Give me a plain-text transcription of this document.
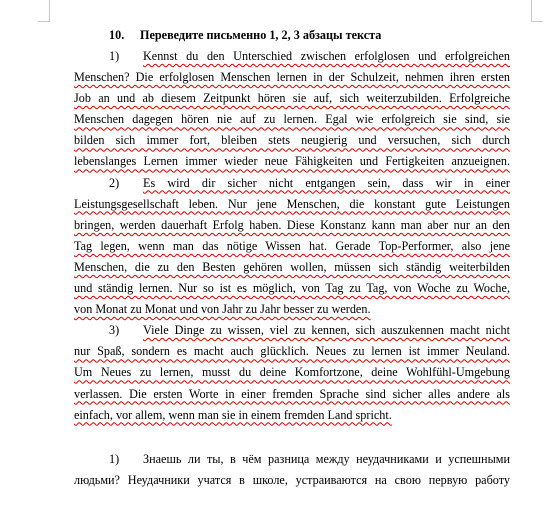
10. Переведите письменно 1, 2, 3 абзацы текста
1) Kennst du den Unterschied zwischen erfolglosen und erfolgreichen
Menschen? Die erfolglosen Menschen lernen in der Schulzeit, nehmen ihren ersten
Job an und ab diesem Zeitpunkt hören sie auf, sich weiterzubilden. Erfolgreiche
Menschen dagegen hören nie auf zu lernen. Egal wie erfolgreich sie sind, sie
bilden sich immer fort, bleiben stets neugierig und versuchen, sich durch
lebenslanges Lernen immer wieder neue Fähigkeiten und Fertigkeiten anzueignen.
2) Es wird dir sicher nicht entgangen sein, dass wir in einer
Leistungsgesellschaft leben. Nur jene Menschen, die konstant gute Leistungen
bringen, werden dauerhaft Erfolg haben. Diese Konstanz kann man aber nur an den
Tag legen, wenn man das nötige Wissen hat. Gerade Top-Performer, also jene
Menschen, die zu den Besten gehören wollen, müssen sich ständig weiterbilden
und ständig lernen. Nur so ist es möglich, von Tag zu Tag, von Woche zu Woche,
von Monat zu Monat und von Jahr zu Jahr besser zu werden.
3) Viele Dinge zu wissen, viel zu kennen, sich auszukennen macht nicht
nur Spaß, sondern es macht auch glücklich. Neues zu lernen ist immer Neuland.
Um Neues zu lernen, musst du deine Komfortzone, deine Wohlfühl-Umgebung
verlassen. Die ersten Worte in einer fremden Sprache sind sicher alles andere als
einfach, vor allem, wenn man sie in einem fremden Land spricht.
1) Знаешь ли ты, в чём разница между неудачниками и успешными
людьми? Неудачники учатся в школе, устраиваются на свою первую работу
